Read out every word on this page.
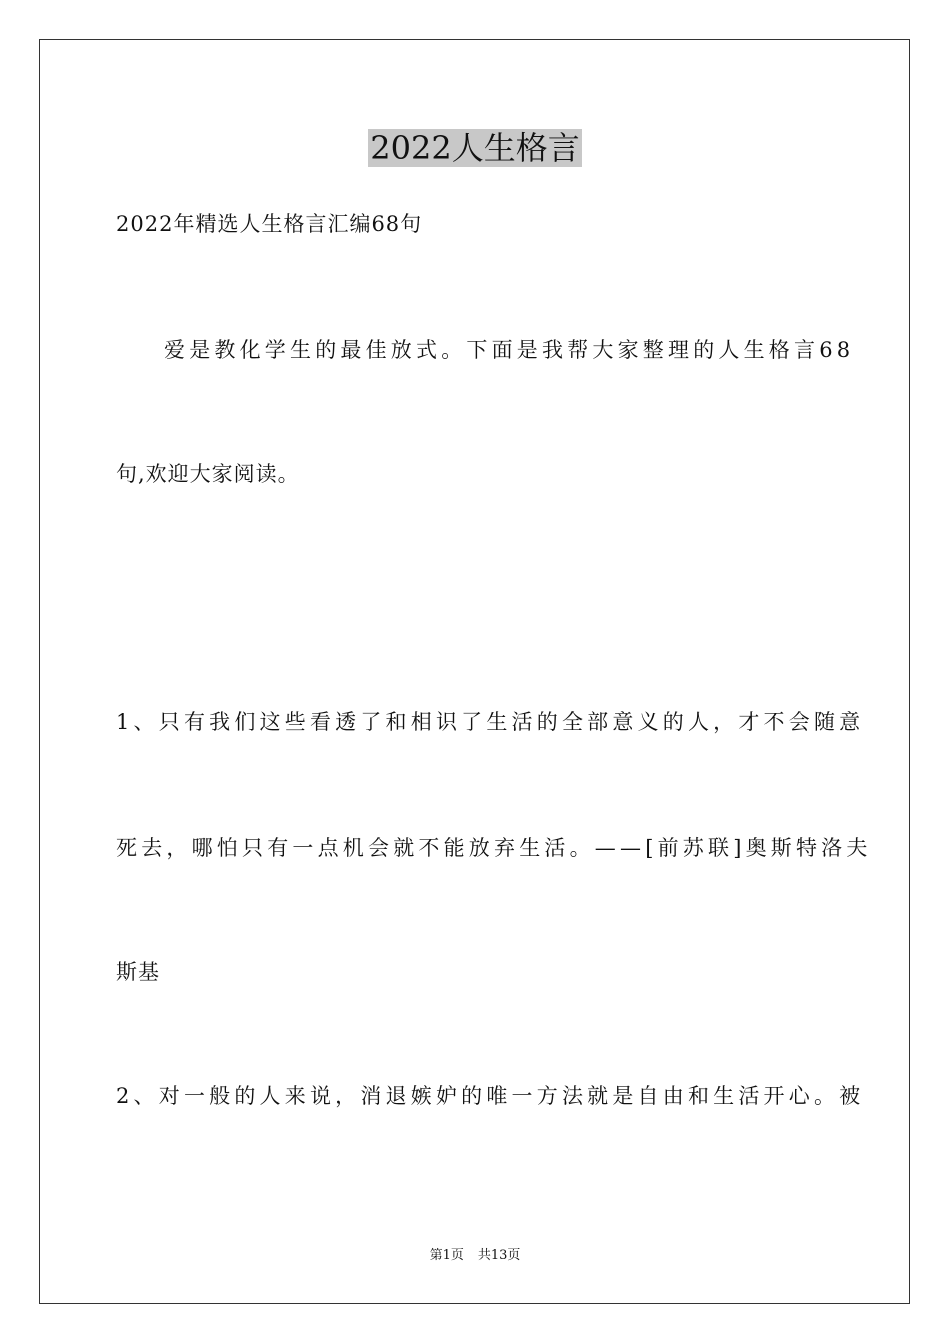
2022人生格言
2022年精选人生格言汇编68句
爱是教化学生的最佳放式。下面是我帮大家整理的人生格言68
句,欢迎大家阅读。
1、只有我们这些看透了和相识了生活的全部意义的人，才不会随意
死去，哪怕只有一点机会就不能放弃生活。——[前苏联]奥斯特洛夫
斯基
2、对一般的人来说，消退嫉妒的唯一方法就是自由和生活开心。被
第1页 共13页
